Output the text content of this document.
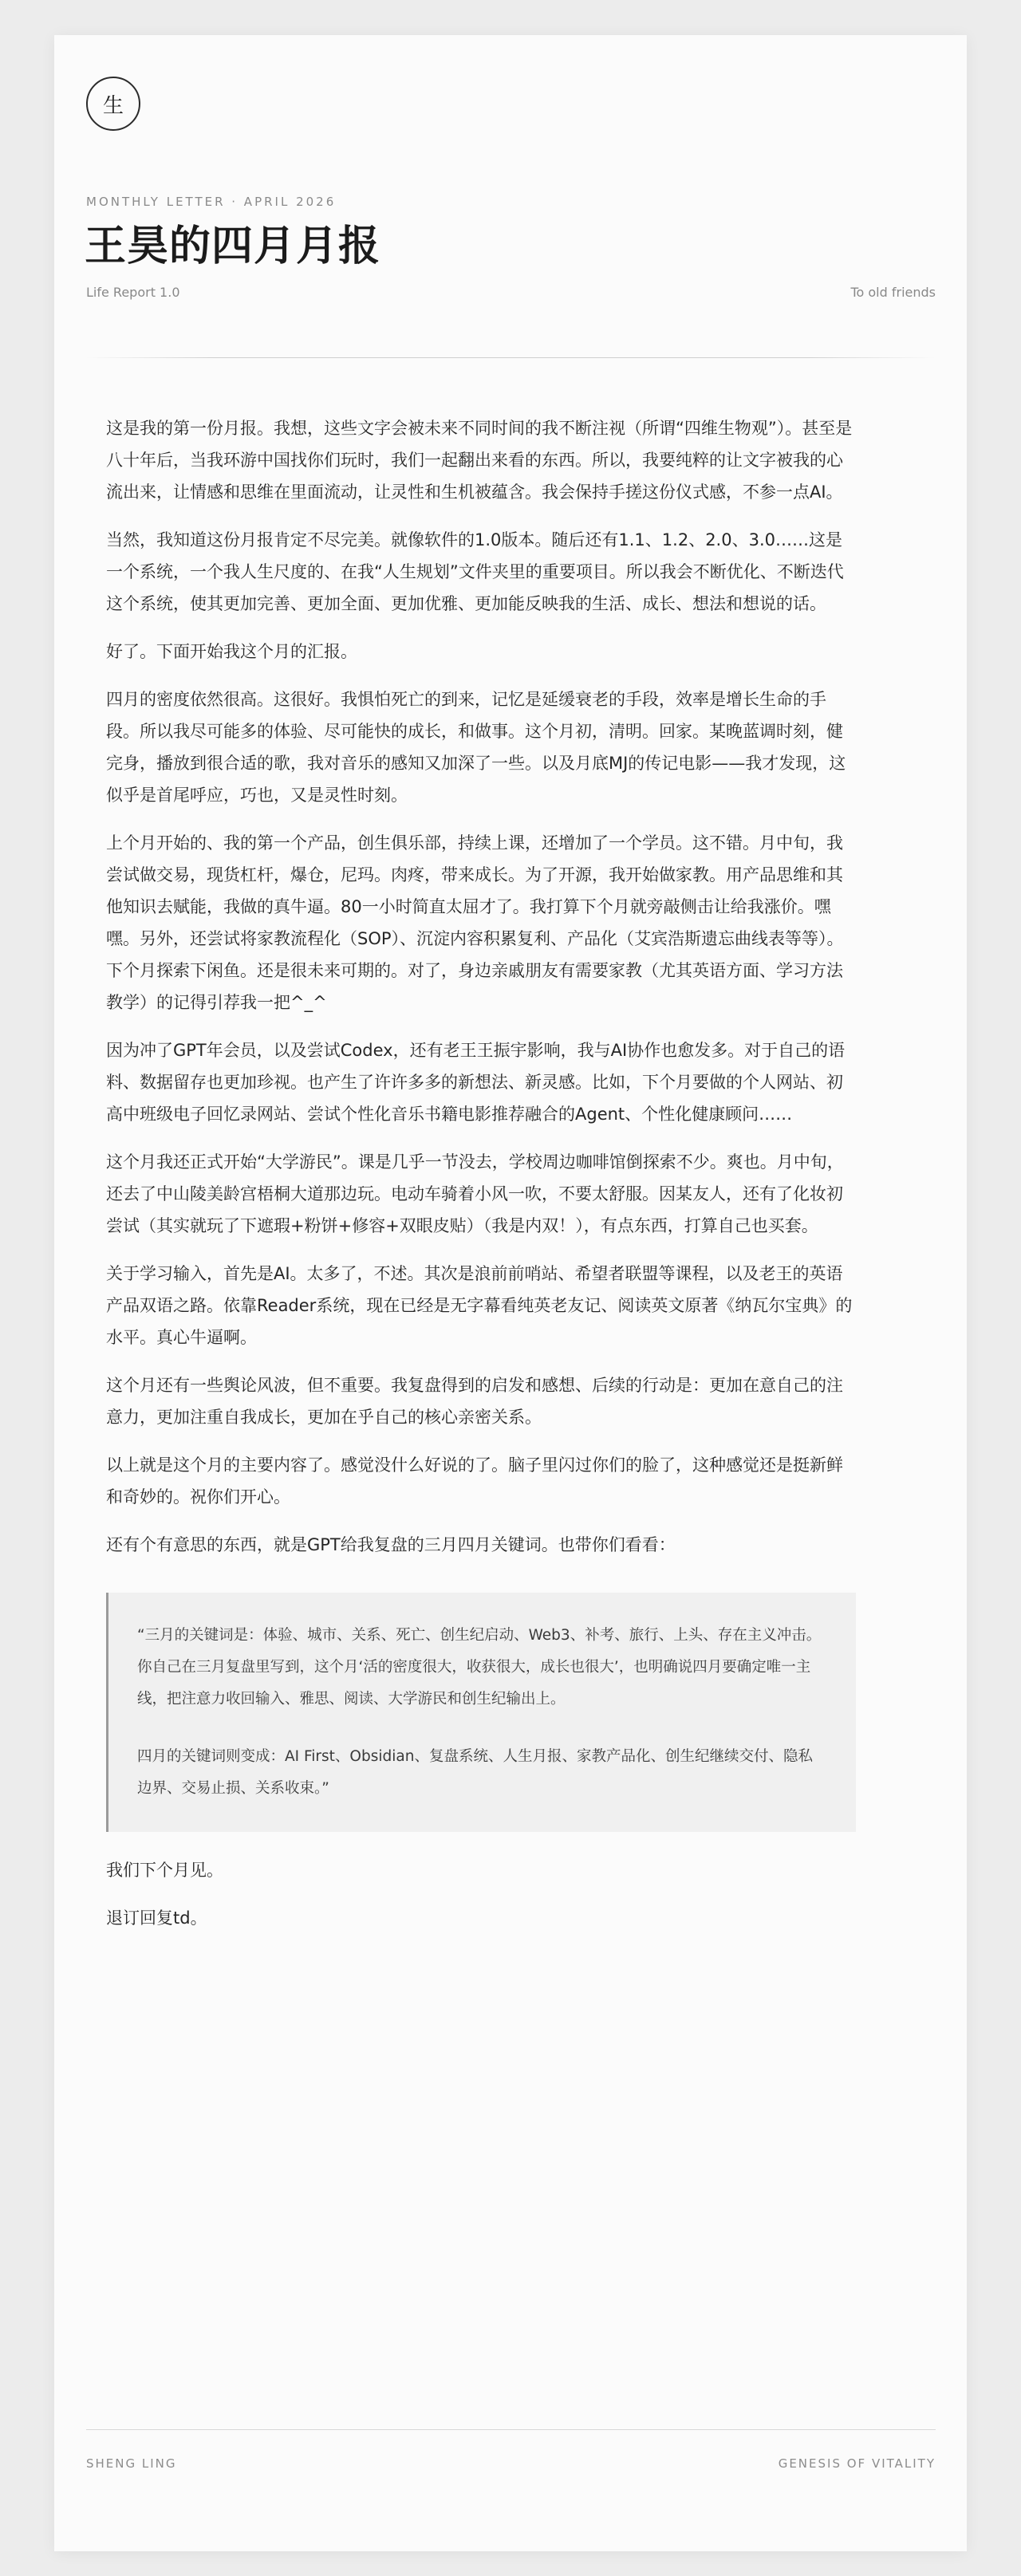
生
MONTHLY LETTER · APRIL 2026
王昊的四月月报
Life Report 1.0	To old friends

这是我的第一份月报。我想，这些文字会被未来不同时间的我不断注视（所谓“四维生物观”）。甚至是八十年后，当我环游中国找你们玩时，我们一起翻出来看的东西。所以，我要纯粹的让文字被我的心流出来，让情感和思维在里面流动，让灵性和生机被蕴含。我会保持手搓这份仪式感，不参一点AI。

当然，我知道这份月报肯定不尽完美。就像软件的1.0版本。随后还有1.1、1.2、2.0、3.0……这是一个系统，一个我人生尺度的、在我“人生规划”文件夹里的重要项目。所以我会不断优化、不断迭代这个系统，使其更加完善、更加全面、更加优雅、更加能反映我的生活、成长、想法和想说的话。

好了。下面开始我这个月的汇报。

四月的密度依然很高。这很好。我惧怕死亡的到来，记忆是延缓衰老的手段，效率是增长生命的手段。所以我尽可能多的体验、尽可能快的成长，和做事。这个月初，清明。回家。某晚蓝调时刻，健完身，播放到很合适的歌，我对音乐的感知又加深了一些。以及月底MJ的传记电影——我才发现，这似乎是首尾呼应，巧也，又是灵性时刻。

上个月开始的、我的第一个产品，创生俱乐部，持续上课，还增加了一个学员。这不错。月中旬，我尝试做交易，现货杠杆，爆仓，尼玛。肉疼，带来成长。为了开源，我开始做家教。用产品思维和其他知识去赋能，我做的真牛逼。80一小时简直太屈才了。我打算下个月就旁敲侧击让给我涨价。嘿嘿。另外，还尝试将家教流程化（SOP）、沉淀内容积累复利、产品化（艾宾浩斯遗忘曲线表等等）。下个月探索下闲鱼。还是很未来可期的。对了，身边亲戚朋友有需要家教（尤其英语方面、学习方法教学）的记得引荐我一把^_^

因为冲了GPT年会员，以及尝试Codex，还有老王王振宇影响，我与AI协作也愈发多。对于自己的语料、数据留存也更加珍视。也产生了许许多多的新想法、新灵感。比如，下个月要做的个人网站、初高中班级电子回忆录网站、尝试个性化音乐书籍电影推荐融合的Agent、个性化健康顾问……

这个月我还正式开始“大学游民”。课是几乎一节没去，学校周边咖啡馆倒探索不少。爽也。月中旬，还去了中山陵美龄宫梧桐大道那边玩。电动车骑着小风一吹，不要太舒服。因某友人，还有了化妆初尝试（其实就玩了下遮瑕+粉饼+修容+双眼皮贴）（我是内双！），有点东西，打算自己也买套。

关于学习输入，首先是AI。太多了，不述。其次是浪前前哨站、希望者联盟等课程，以及老王的英语产品双语之路。依靠Reader系统，现在已经是无字幕看纯英老友记、阅读英文原著《纳瓦尔宝典》的水平。真心牛逼啊。

这个月还有一些舆论风波，但不重要。我复盘得到的启发和感想、后续的行动是：更加在意自己的注意力，更加注重自我成长，更加在乎自己的核心亲密关系。

以上就是这个月的主要内容了。感觉没什么好说的了。脑子里闪过你们的脸了，这种感觉还是挺新鲜和奇妙的。祝你们开心。

还有个有意思的东西，就是GPT给我复盘的三月四月关键词。也带你们看看：

“三月的关键词是：体验、城市、关系、死亡、创生纪启动、Web3、补考、旅行、上头、存在主义冲击。你自己在三月复盘里写到，这个月‘活的密度很大，收获很大，成长也很大’，也明确说四月要确定唯一主线，把注意力收回输入、雅思、阅读、大学游民和创生纪输出上。

四月的关键词则变成：AI First、Obsidian、复盘系统、人生月报、家教产品化、创生纪继续交付、隐私边界、交易止损、关系收束。”

我们下个月见。

退订回复td。

SHENG LING	GENESIS OF VITALITY
